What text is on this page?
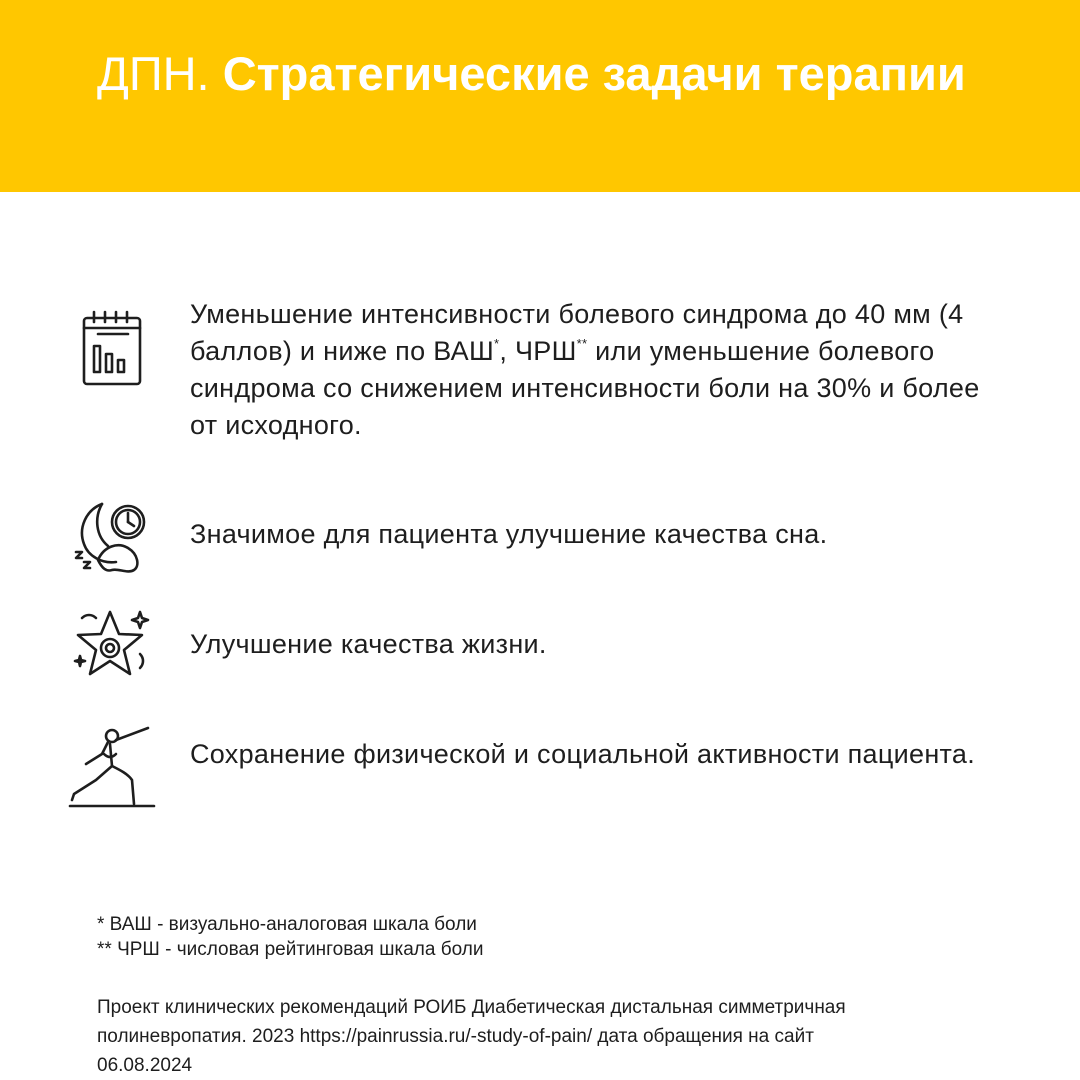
ДПН. Стратегические задачи терапии
Уменьшение интенсивности болевого синдрома до 40 мм (4 баллов) и ниже по ВАШ*, ЧРШ** или уменьшение болевого синдрома со снижением интенсивности боли на 30% и более от исходного.
Значимое для пациента улучшение качества сна.
Улучшение качества жизни.
Сохранение физической и социальной активности пациента.
* ВАШ - визуально-аналоговая шкала боли
** ЧРШ - числовая рейтинговая шкала боли
Проект клинических рекомендаций РОИБ Диабетическая дистальная симметричная полиневропатия. 2023 https://painrussia.ru/-study-of-pain/ дата обращения на сайт 06.08.2024
